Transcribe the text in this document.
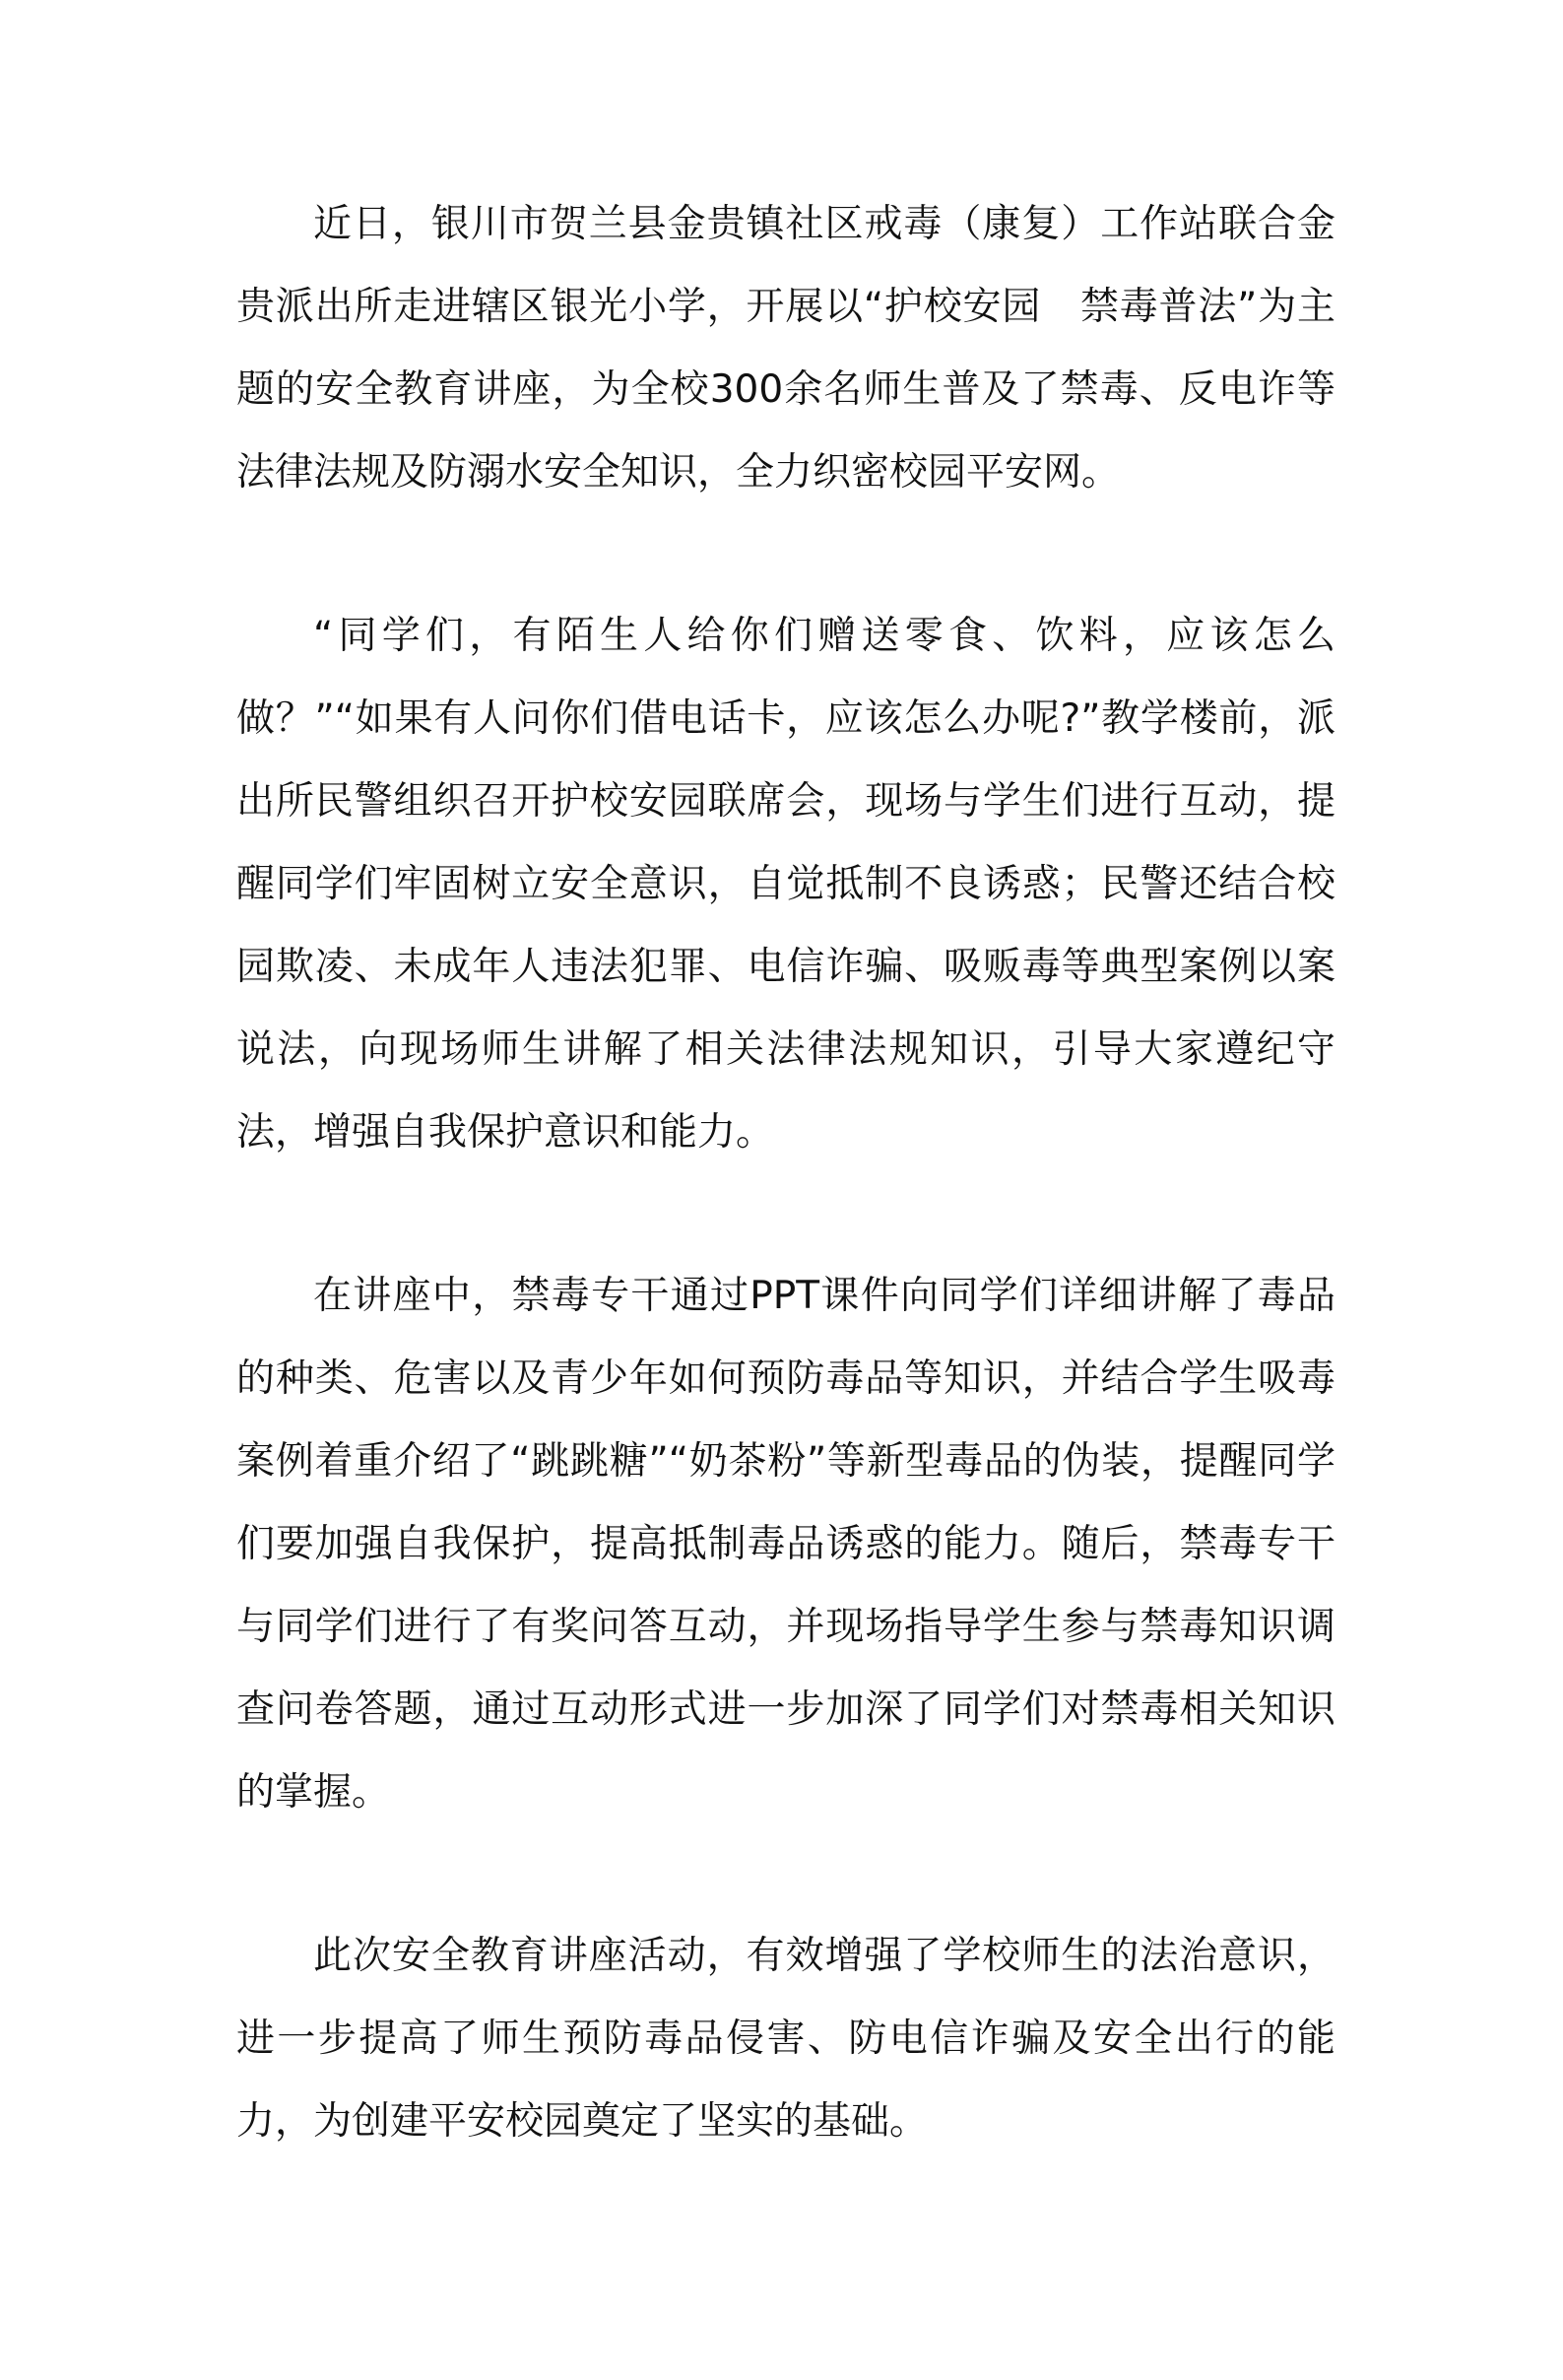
近日，银川市贺兰县金贵镇社区戒毒（康复）工作站联合金贵派出所走进辖区银光小学，开展以“护校安园　禁毒普法”为主题的安全教育讲座，为全校300余名师生普及了禁毒、反电诈等法律法规及防溺水安全知识，全力织密校园平安网。

“同学们，有陌生人给你们赠送零食、饮料，应该怎么做？”“如果有人问你们借电话卡，应该怎么办呢?”教学楼前，派出所民警组织召开护校安园联席会，现场与学生们进行互动，提醒同学们牢固树立安全意识，自觉抵制不良诱惑；民警还结合校园欺凌、未成年人违法犯罪、电信诈骗、吸贩毒等典型案例以案说法，向现场师生讲解了相关法律法规知识，引导大家遵纪守法，增强自我保护意识和能力。

在讲座中，禁毒专干通过PPT课件向同学们详细讲解了毒品的种类、危害以及青少年如何预防毒品等知识，并结合学生吸毒案例着重介绍了“跳跳糖”“奶茶粉”等新型毒品的伪装，提醒同学们要加强自我保护，提高抵制毒品诱惑的能力。随后，禁毒专干与同学们进行了有奖问答互动，并现场指导学生参与禁毒知识调查问卷答题，通过互动形式进一步加深了同学们对禁毒相关知识的掌握。

此次安全教育讲座活动，有效增强了学校师生的法治意识，进一步提高了师生预防毒品侵害、防电信诈骗及安全出行的能力，为创建平安校园奠定了坚实的基础。
